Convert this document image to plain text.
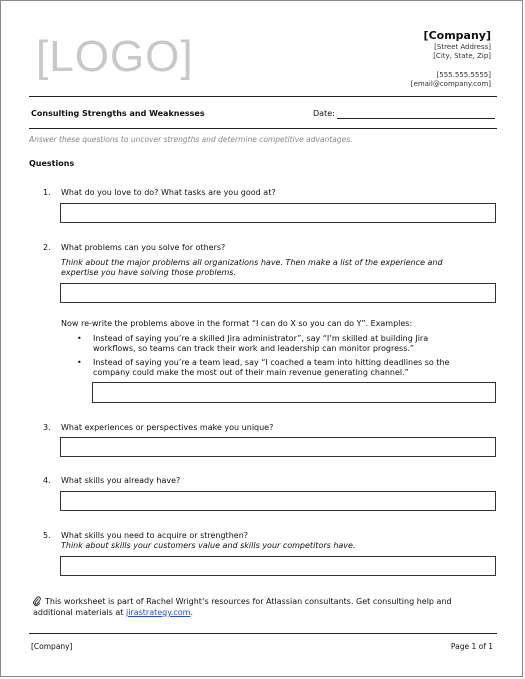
[LOGO]	[Company]
[Street Address]
[City, State, Zip]
[555.555.5555]
[email@company.com]
Consulting Strengths and Weaknesses	Date:
Answer these questions to uncover strengths and determine competitive advantages.
Questions
1.	What do you love to do? What tasks are you good at?
2.	What problems can you solve for others?
Think about the major problems all organizations have. Then make a list of the experience and
expertise you have solving those problems.
Now re-write the problems above in the format “I can do X so you can do Y”. Examples:
• Instead of saying you’re a skilled Jira administrator”, say “I’m skilled at building Jira
workflows, so teams can track their work and leadership can monitor progress.”
• Instead of saying you’re a team lead, say “I coached a team into hitting deadlines so the
company could make the most out of their main revenue generating channel.”
3.	What experiences or perspectives make you unique?
4.	What skills you already have?
5.	What skills you need to acquire or strengthen?
Think about skills your customers value and skills your competitors have.
This worksheet is part of Rachel Wright’s resources for Atlassian consultants. Get consulting help and
additional materials at jirastrategy.com.
[Company]	Page 1 of 1
